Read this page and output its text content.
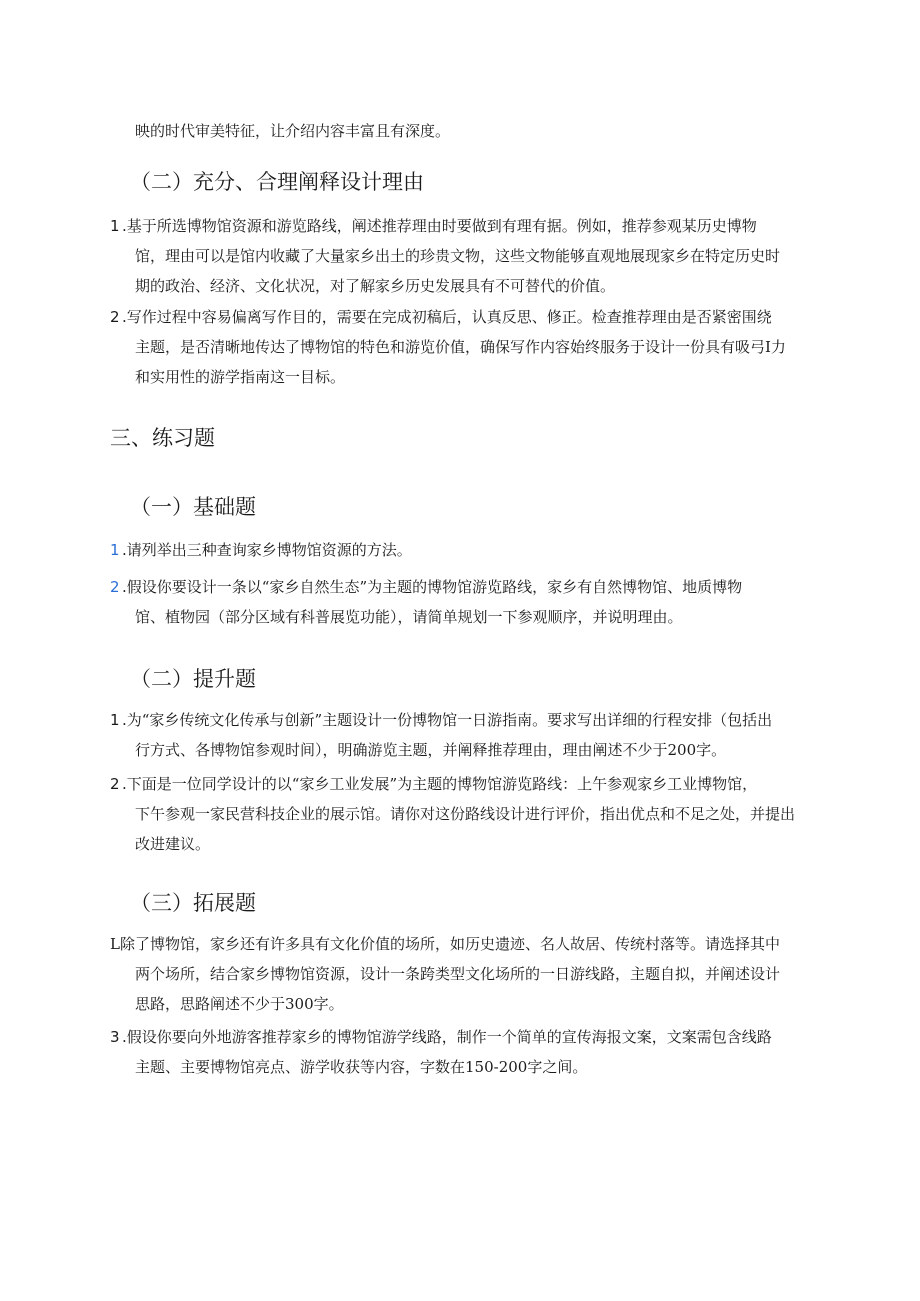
映的时代审美特征，让介绍内容丰富且有深度。
（二）充分、合理阐释设计理由
1 .基于所选博物馆资源和游览路线，阐述推荐理由时要做到有理有据。例如，推荐参观某历史博物
馆，理由可以是馆内收藏了大量家乡出土的珍贵文物，这些文物能够直观地展现家乡在特定历史时
期的政治、经济、文化状况，对了解家乡历史发展具有不可替代的价值。
2 .写作过程中容易偏离写作目的，需要在完成初稿后，认真反思、修正。检查推荐理由是否紧密围绕
主题，是否清晰地传达了博物馆的特色和游览价值，确保写作内容始终服务于设计一份具有吸弓I力
和实用性的游学指南这一目标。
三、练习题
（一）基础题
1 .请列举出三种查询家乡博物馆资源的方法。
2 .假设你要设计一条以“家乡自然生态”为主题的博物馆游览路线，家乡有自然博物馆、地质博物
馆、植物园（部分区域有科普展览功能），请简单规划一下参观顺序，并说明理由。
（二）提升题
1 .为“家乡传统文化传承与创新”主题设计一份博物馆一日游指南。要求写出详细的行程安排（包括出
行方式、各博物馆参观时间），明确游览主题，并阐释推荐理由，理由阐述不少于200字。
2 .下面是一位同学设计的以“家乡工业发展”为主题的博物馆游览路线：上午参观家乡工业博物馆，
下午参观一家民营科技企业的展示馆。请你对这份路线设计进行评价，指出优点和不足之处，并提出
改进建议。
（三）拓展题
L除了博物馆，家乡还有许多具有文化价值的场所，如历史遗迹、名人故居、传统村落等。请选择其中
两个场所，结合家乡博物馆资源，设计一条跨类型文化场所的一日游线路，主题自拟，并阐述设计
思路，思路阐述不少于300字。
3 .假设你要向外地游客推荐家乡的博物馆游学线路，制作一个简单的宣传海报文案，文案需包含线路
主题、主要博物馆亮点、游学收获等内容，字数在150-200字之间。
